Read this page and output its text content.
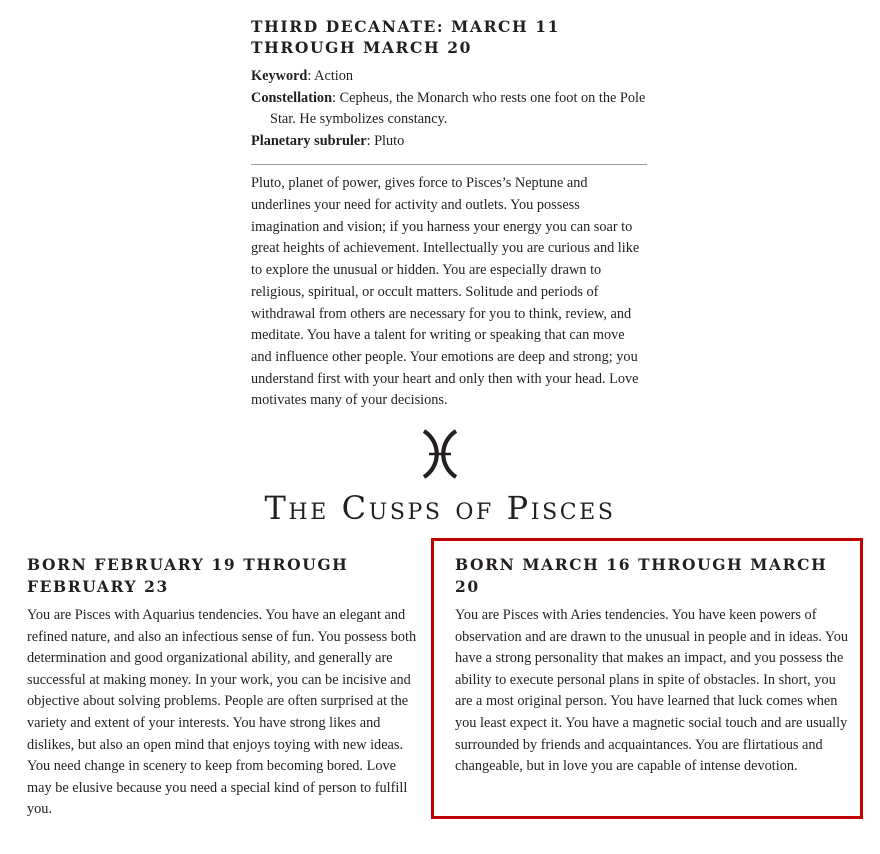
THIRD DECANATE: MARCH 11 THROUGH MARCH 20
Keyword: Action
Constellation: Cepheus, the Monarch who rests one foot on the Pole Star. He symbolizes constancy.
Planetary subruler: Pluto

Pluto, planet of power, gives force to Pisces’s Neptune and underlines your need for activity and outlets. You possess imagination and vision; if you harness your energy you can soar to great heights of achievement. Intellectually you are curious and like to explore the unusual or hidden. You are especially drawn to religious, spiritual, or occult matters. Solitude and periods of withdrawal from others are necessary for you to think, review, and meditate. You have a talent for writing or speaking that can move and influence other people. Your emotions are deep and strong; you understand first with your heart and only then with your head. Love motivates many of your decisions.

The Cusps of Pisces
BORN FEBRUARY 19 THROUGH FEBRUARY 23

You are Pisces with Aquarius tendencies. You have an elegant and refined nature, and also an infectious sense of fun. You possess both determination and good organizational ability, and generally are successful at making money. In your work, you can be incisive and objective about solving problems. People are often surprised at the variety and extent of your interests. You have strong likes and dislikes, but also an open mind that enjoys toying with new ideas. You need change in scenery to keep from becoming bored. Love may be elusive because you need a special kind of person to fulfill you.

BORN MARCH 16 THROUGH MARCH 20

You are Pisces with Aries tendencies. You have keen powers of observation and are drawn to the unusual in people and in ideas. You have a strong personality that makes an impact, and you possess the ability to execute personal plans in spite of obstacles. In short, you are a most original person. You have learned that luck comes when you least expect it. You have a magnetic social touch and are usually surrounded by friends and acquaintances. You are flirtatious and changeable, but in love you are capable of intense devotion.
